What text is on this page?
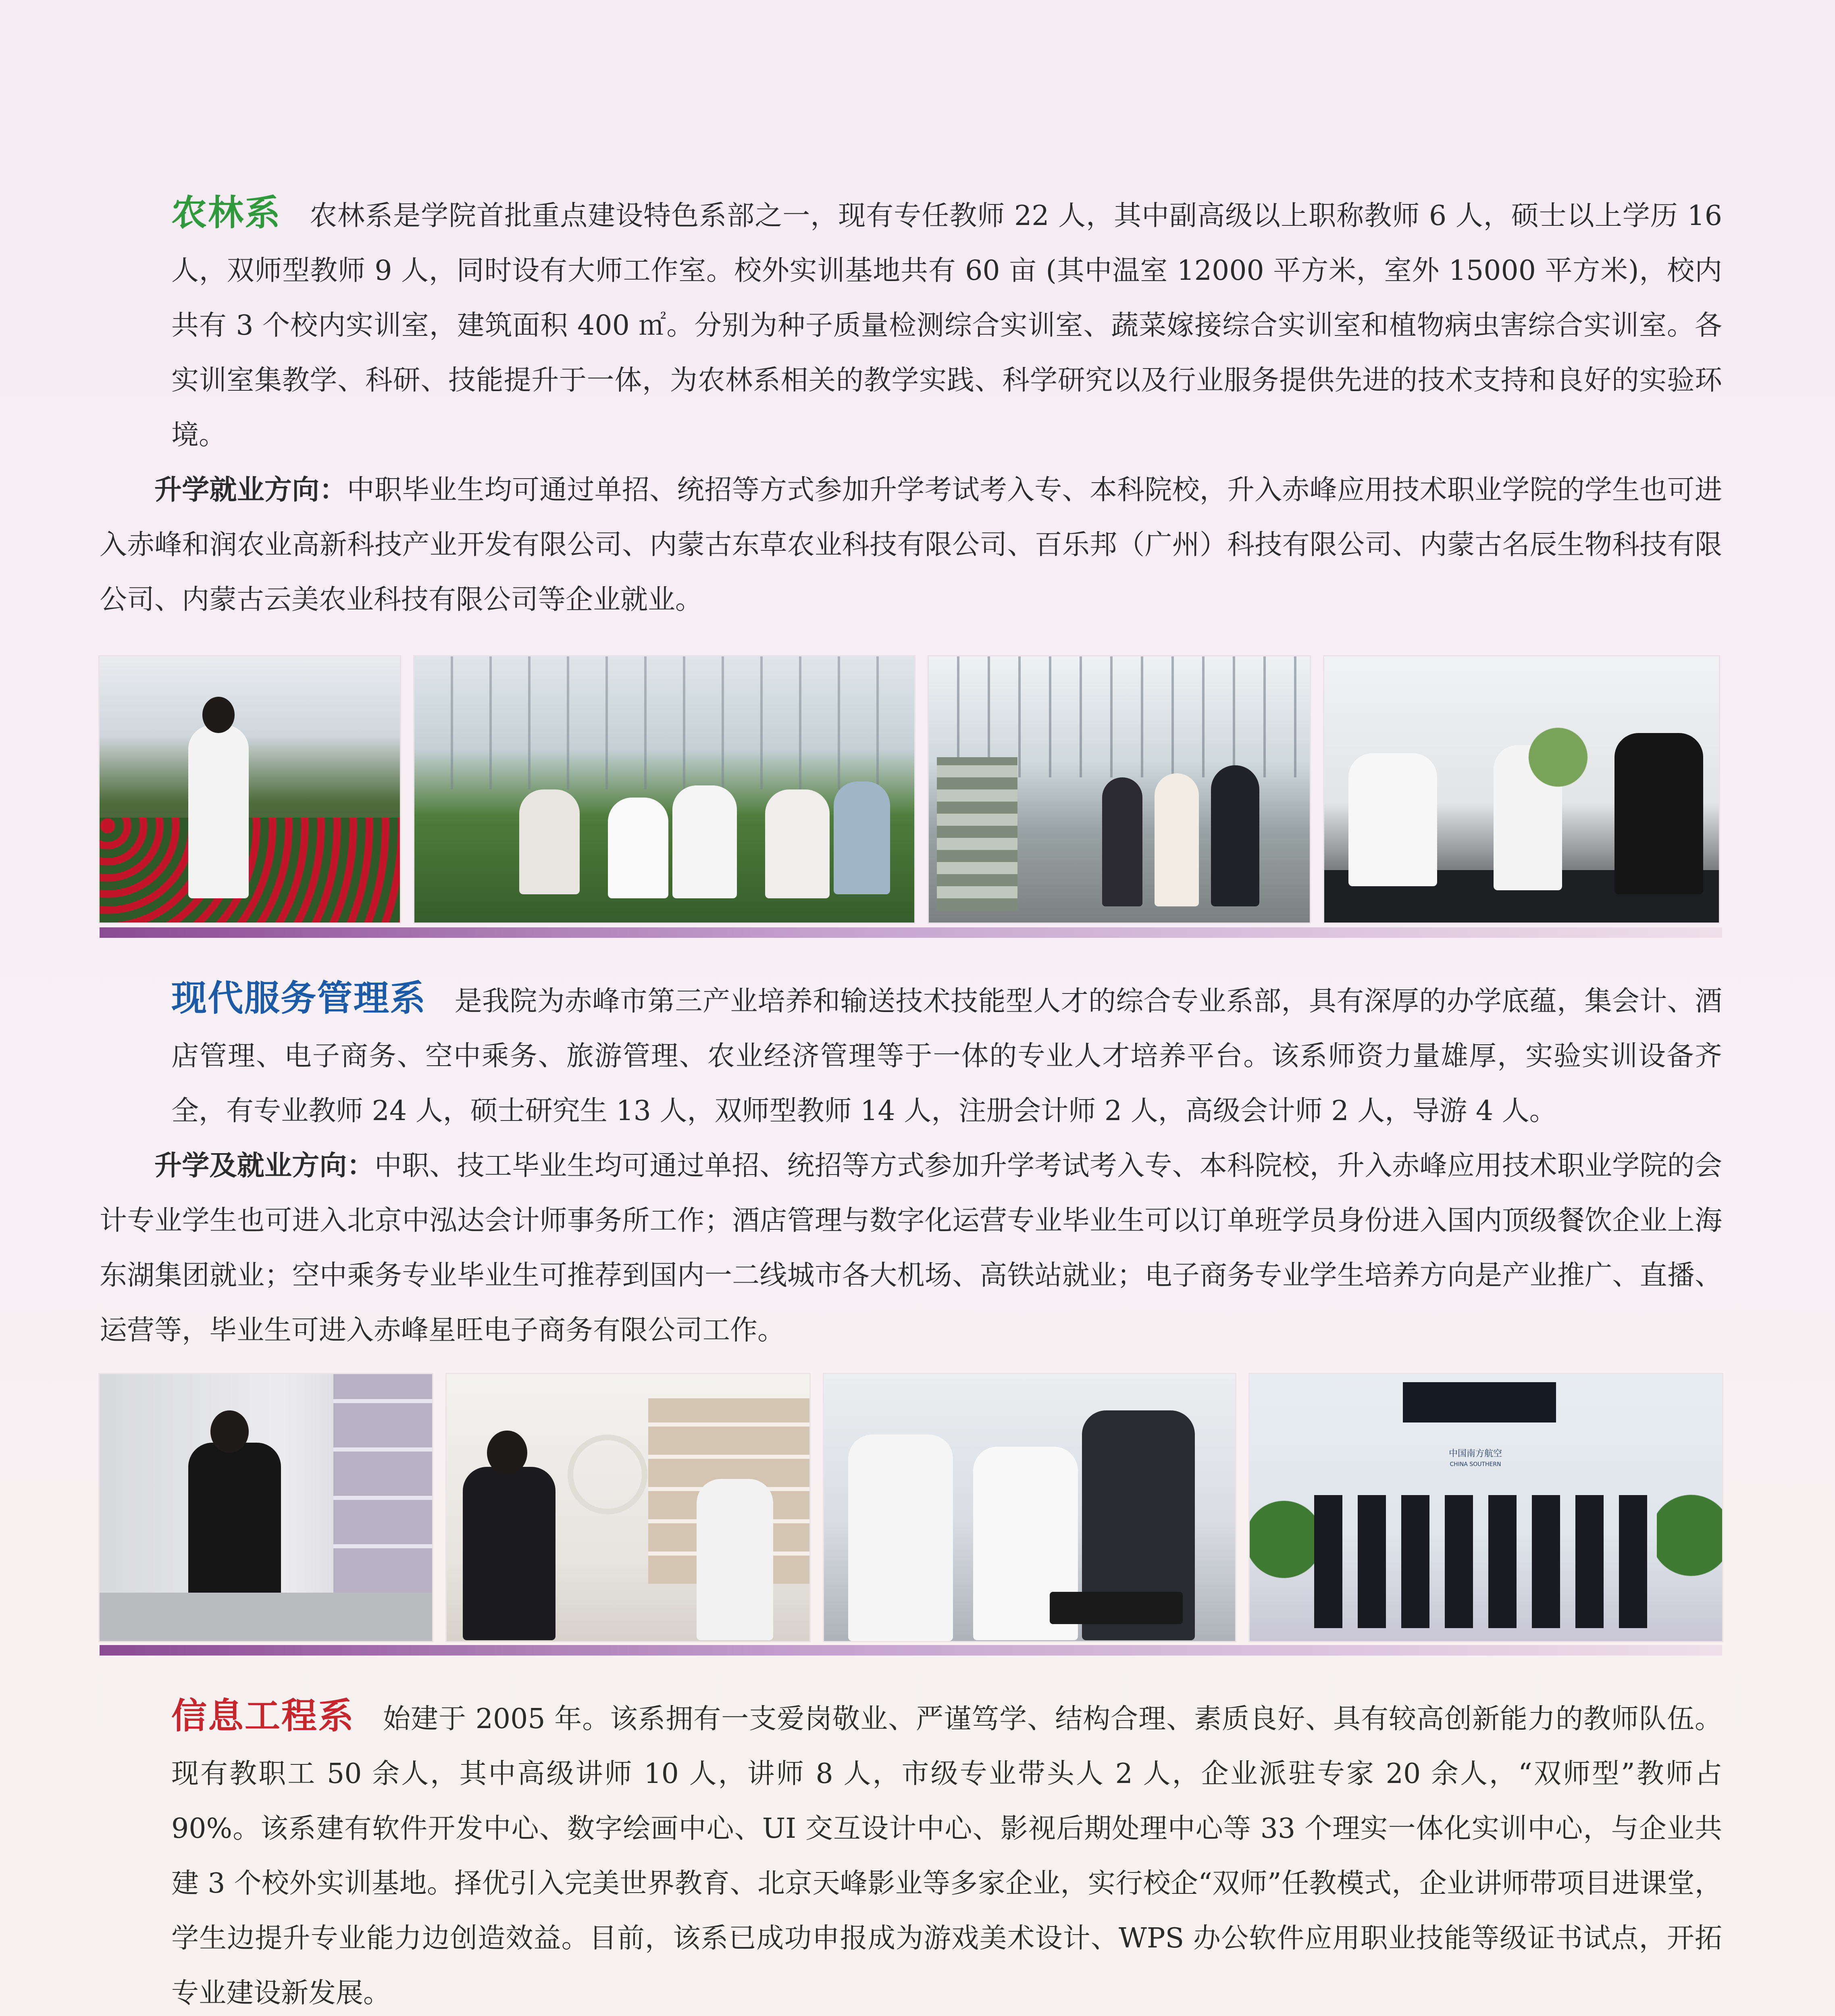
农林系 农林系是学院首批重点建设特色系部之一，现有专任教师 22 人，其中副高级以上职称教师 6 人，硕士以上学历 16 人，双师型教师 9 人，同时设有大师工作室。校外实训基地共有 60 亩 (其中温室 12000 平方米，室外 15000 平方米)，校内共有 3 个校内实训室，建筑面积 400 ㎡。分别为种子质量检测综合实训室、蔬菜嫁接综合实训室和植物病虫害综合实训室。各实训室集教学、科研、技能提升于一体，为农林系相关的教学实践、科学研究以及行业服务提供先进的技术支持和良好的实验环境。

升学就业方向：中职毕业生均可通过单招、统招等方式参加升学考试考入专、本科院校，升入赤峰应用技术职业学院的学生也可进入赤峰和润农业高新科技产业开发有限公司、内蒙古东草农业科技有限公司、百乐邦（广州）科技有限公司、内蒙古名辰生物科技有限公司、内蒙古云美农业科技有限公司等企业就业。

现代服务管理系 是我院为赤峰市第三产业培养和输送技术技能型人才的综合专业系部，具有深厚的办学底蕴，集会计、酒店管理、电子商务、空中乘务、旅游管理、农业经济管理等于一体的专业人才培养平台。该系师资力量雄厚，实验实训设备齐全，有专业教师 24 人，硕士研究生 13 人，双师型教师 14 人，注册会计师 2 人，高级会计师 2 人，导游 4 人。

升学及就业方向：中职、技工毕业生均可通过单招、统招等方式参加升学考试考入专、本科院校，升入赤峰应用技术职业学院的会计专业学生也可进入北京中泓达会计师事务所工作；酒店管理与数字化运营专业毕业生可以订单班学员身份进入国内顶级餐饮企业上海东湖集团就业；空中乘务专业毕业生可推荐到国内一二线城市各大机场、高铁站就业；电子商务专业学生培养方向是产业推广、直播、运营等，毕业生可进入赤峰星旺电子商务有限公司工作。

中国南方航空
CHINA SOUTHERN

信息工程系 始建于 2005 年。该系拥有一支爱岗敬业、严谨笃学、结构合理、素质良好、具有较高创新能力的教师队伍。现有教职工 50 余人，其中高级讲师 10 人，讲师 8 人，市级专业带头人 2 人，企业派驻专家 20 余人，“双师型”教师占 90%。该系建有软件开发中心、数字绘画中心、UI 交互设计中心、影视后期处理中心等 33 个理实一体化实训中心，与企业共建 3 个校外实训基地。择优引入完美世界教育、北京天峰影业等多家企业，实行校企“双师”任教模式，企业讲师带项目进课堂，学生边提升专业能力边创造效益。目前，该系已成功申报成为游戏美术设计、WPS 办公软件应用职业技能等级证书试点，开拓专业建设新发展。
